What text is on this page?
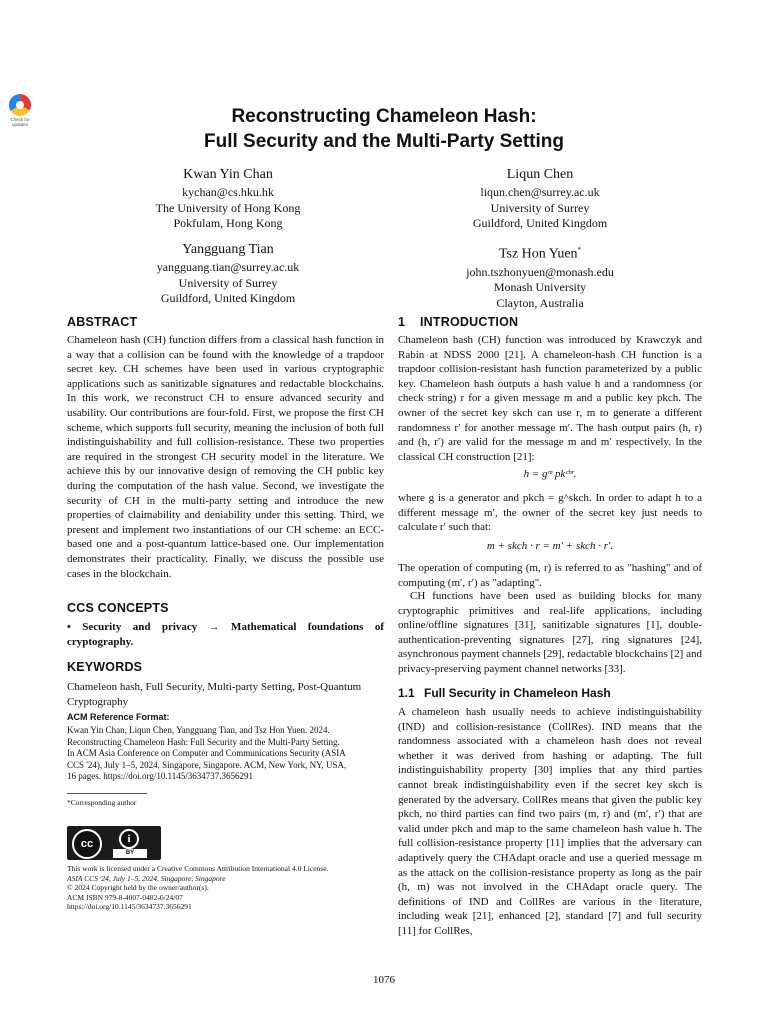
Check for updates	Reconstructing Chameleon Hash:
Full Security and the Multi-Party Setting
Kwan Yin Chan
kychan@cs.hku.hk
The University of Hong Kong
Pokfulam, Hong Kong
Liqun Chen
liqun.chen@surrey.ac.uk
University of Surrey
Guildford, United Kingdom
Yangguang Tian
yangguang.tian@surrey.ac.uk
University of Surrey
Guildford, United Kingdom
Tsz Hon Yuen*
john.tszhonyuen@monash.edu
Monash University
Clayton, Australia
ABSTRACT

Chameleon hash (CH) function differs from a classical hash function in a way that a collision can be found with the knowledge of a trapdoor secret key. CH schemes have been used in various cryptographic applications such as sanitizable signatures and redactable blockchains. In this work, we reconstruct CH to ensure advanced security and usability. Our contributions are four-fold. First, we propose the first CH scheme, which supports full security, meaning the inclusion of both full indistinguishability and full collision-resistance. These two properties are required in the strongest CH security model in the literature. We achieve this by our innovative design of removing the CH public key during the computation of the hash value. Second, we investigate the security of CH in the multi-party setting and introduce the new properties of claimability and deniability under this setting. Third, we present and implement two instantiations of our CH scheme: an ECC-based one and a post-quantum lattice-based one. Our implementation demonstrates their practicality. Finally, we discuss the possible use cases in the blockchain.

CCS CONCEPTS
• Security and privacy → Mathematical foundations of cryptography.
KEYWORDS
Chameleon hash, Full Security, Multi-party Setting, Post-Quantum Cryptography
ACM Reference Format:
Kwan Yin Chan, Liqun Chen, Yangguang Tian, and Tsz Hon Yuen. 2024.
Reconstructing Chameleon Hash: Full Security and the Multi-Party Setting.
In ACM Asia Conference on Computer and Communications Security (ASIA
CCS '24), July 1–5, 2024, Singapore, Singapore. ACM, New York, NY, USA,
16 pages. https://doi.org/10.1145/3634737.3656291
*Corresponding author
cc	i
BY
This work is licensed under a Creative Commons Attribution International 4.0 License.
ASIA CCS '24, July 1–5, 2024, Singapore, Singapore
© 2024 Copyright held by the owner/author(s).
ACM ISBN 979-8-4007-0482-6/24/07
https://doi.org/10.1145/3634737.3656291
1 INTRODUCTION
Chameleon hash (CH) function was introduced by Krawczyk and Rabin at NDSS 2000 [21]. A chameleon-hash CH function is a trapdoor collision-resistant hash function parameterized by a public key. Chameleon hash outputs a hash value h and a randomness (or check string) r for a given message m and a public key pkch. The owner of the secret key skch can use r, m to generate a different randomness r′ for another message m′. The hash output pairs (h, r) and (h, r′) are valid for the message m and m′ respectively. In the classical CH construction [21]:
h = gᵐ pkᶜʰʳ.
where g is a generator and pkch = g^skch. In order to adapt h to a different message m′, the owner of the secret key just needs to calculate r′ such that:
m + skch · r = m′ + skch · r′.
The operation of computing (m, r) is referred to as "hashing" and of computing (m′, r′) as "adapting".
CH functions have been used as building blocks for many cryptographic primitives and real-life applications, including online/offline signatures [31], sanitizable signatures [1], double-authentication-preventing signatures [27], ring signatures [24], asynchronous payment channels [29], redactable blockchains [2] and privacy-preserving payment channel networks [33].
1.1 Full Security in Chameleon Hash
A chameleon hash usually needs to achieve indistinguishability (IND) and collision-resistance (CollRes). IND means that the randomness associated with a chameleon hash does not reveal whether it was derived from hashing or adapting. The full indistinguishability property [30] implies that any third parties cannot break indistinguishability even if the secret key skch is generated by the adversary. CollRes means that given the public key pkch, no third parties can find two pairs (m, r) and (m′, r′) that are valid under pkch and map to the same chameleon hash value h. The full collision-resistance property [11] implies that the adversary can adaptively query the CHAdapt oracle and use a queried message m as the attack on the collision-resistance property as long as the pair (h, m) was not involved in the CHAdapt oracle query. The definitions of IND and CollRes are various in the literature, including weak [21], enhanced [2], standard [7] and full security [11] for CollRes,
1076
